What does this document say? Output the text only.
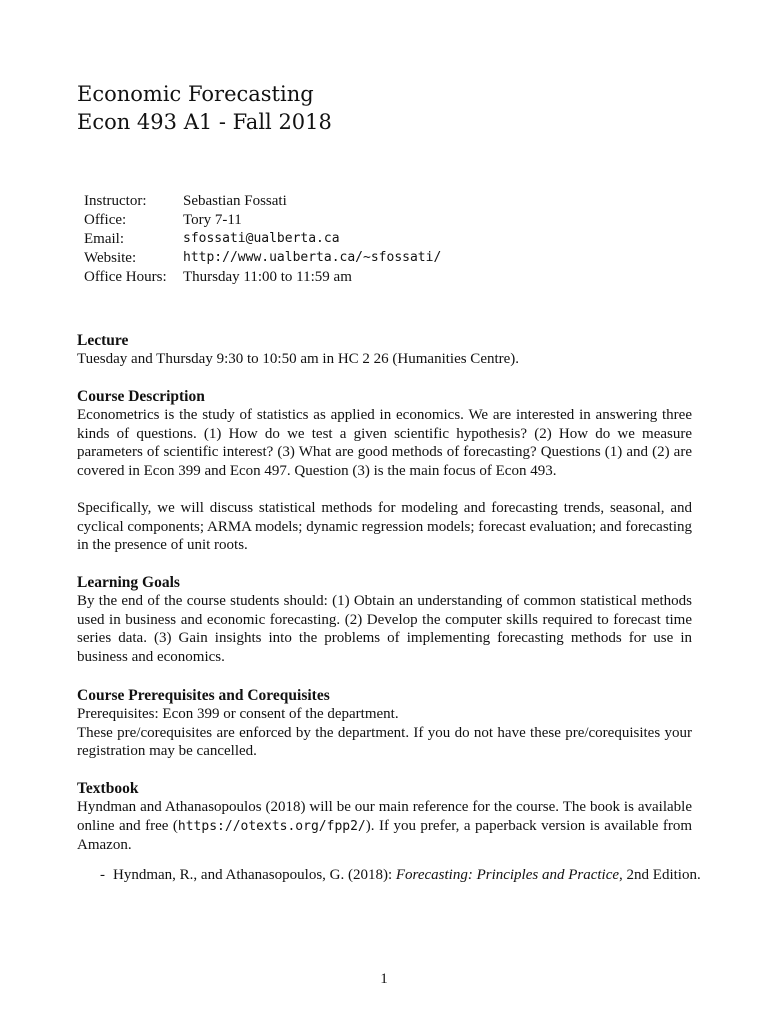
Economic Forecasting
Econ 493 A1 - Fall 2018
Instructor:	Sebastian Fossati
Office:	Tory 7-11
Email:	sfossati@ualberta.ca
Website:	http://www.ualberta.ca/~sfossati/
Office Hours:	Thursday 11:00 to 11:59 am
Lecture

Tuesday and Thursday 9:30 to 10:50 am in HC 2 26 (Humanities Centre).

Course Description

Econometrics is the study of statistics as applied in economics. We are interested in answering three kinds of questions. (1) How do we test a given scientific hypothesis? (2) How do we measure parameters of scientific interest? (3) What are good methods of forecasting? Questions (1) and (2) are covered in Econ 399 and Econ 497. Question (3) is the main focus of Econ 493.

Specifically, we will discuss statistical methods for modeling and forecasting trends, seasonal, and cyclical components; ARMA models; dynamic regression models; forecast evaluation; and forecasting in the presence of unit roots.

Learning Goals

By the end of the course students should: (1) Obtain an understanding of common statistical methods used in business and economic forecasting. (2) Develop the computer skills required to forecast time series data. (3) Gain insights into the problems of implementing forecasting methods for use in business and economics.

Course Prerequisites and Corequisites

Prerequisites: Econ 399 or consent of the department.

These pre/corequisites are enforced by the department. If you do not have these pre/corequisites your registration may be cancelled.

Textbook

Hyndman and Athanasopoulos (2018) will be our main reference for the course. The book is available online and free (https://otexts.org/fpp2/). If you prefer, a paperback version is available from Amazon.

- Hyndman, R., and Athanasopoulos, G. (2018): Forecasting: Principles and Practice, 2nd Edition.
1
